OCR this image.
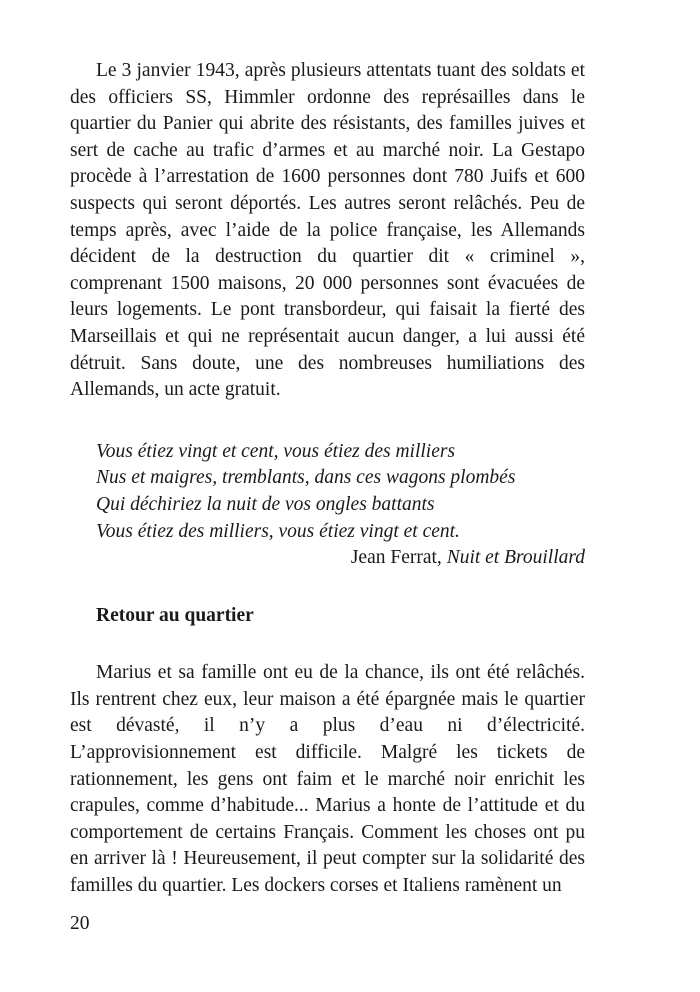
Le 3 janvier 1943, après plusieurs attentats tuant des soldats et des officiers SS, Himmler ordonne des représailles dans le quartier du Panier qui abrite des résistants, des familles juives et sert de cache au trafic d’armes et au marché noir. La Gestapo procède à l’arrestation de 1600 personnes dont 780 Juifs et 600 suspects qui seront déportés. Les autres seront relâchés. Peu de temps après, avec l’aide de la police française, les Allemands décident de la destruction du quartier dit « criminel », comprenant 1500 maisons, 20 000 personnes sont évacuées de leurs logements. Le pont transbordeur, qui faisait la fierté des Marseillais et qui ne représentait aucun danger, a lui aussi été détruit. Sans doute, une des nombreuses humiliations des Allemands, un acte gratuit.

Vous étiez vingt et cent, vous étiez des milliers
Nus et maigres, tremblants, dans ces wagons plombés
Qui déchiriez la nuit de vos ongles battants
Vous étiez des milliers, vous étiez vingt et cent.
Jean Ferrat, Nuit et Brouillard
Retour au quartier

Marius et sa famille ont eu de la chance, ils ont été relâchés. Ils rentrent chez eux, leur maison a été épargnée mais le quartier est dévasté, il n’y a plus d’eau ni d’électricité. L’approvisionnement est difficile. Malgré les tickets de rationnement, les gens ont faim et le marché noir enrichit les crapules, comme d’habitude... Marius a honte de l’attitude et du comportement de certains Français. Comment les choses ont pu en arriver là ! Heureusement, il peut compter sur la solidarité des familles du quartier. Les dockers corses et Italiens ramènent un

20
